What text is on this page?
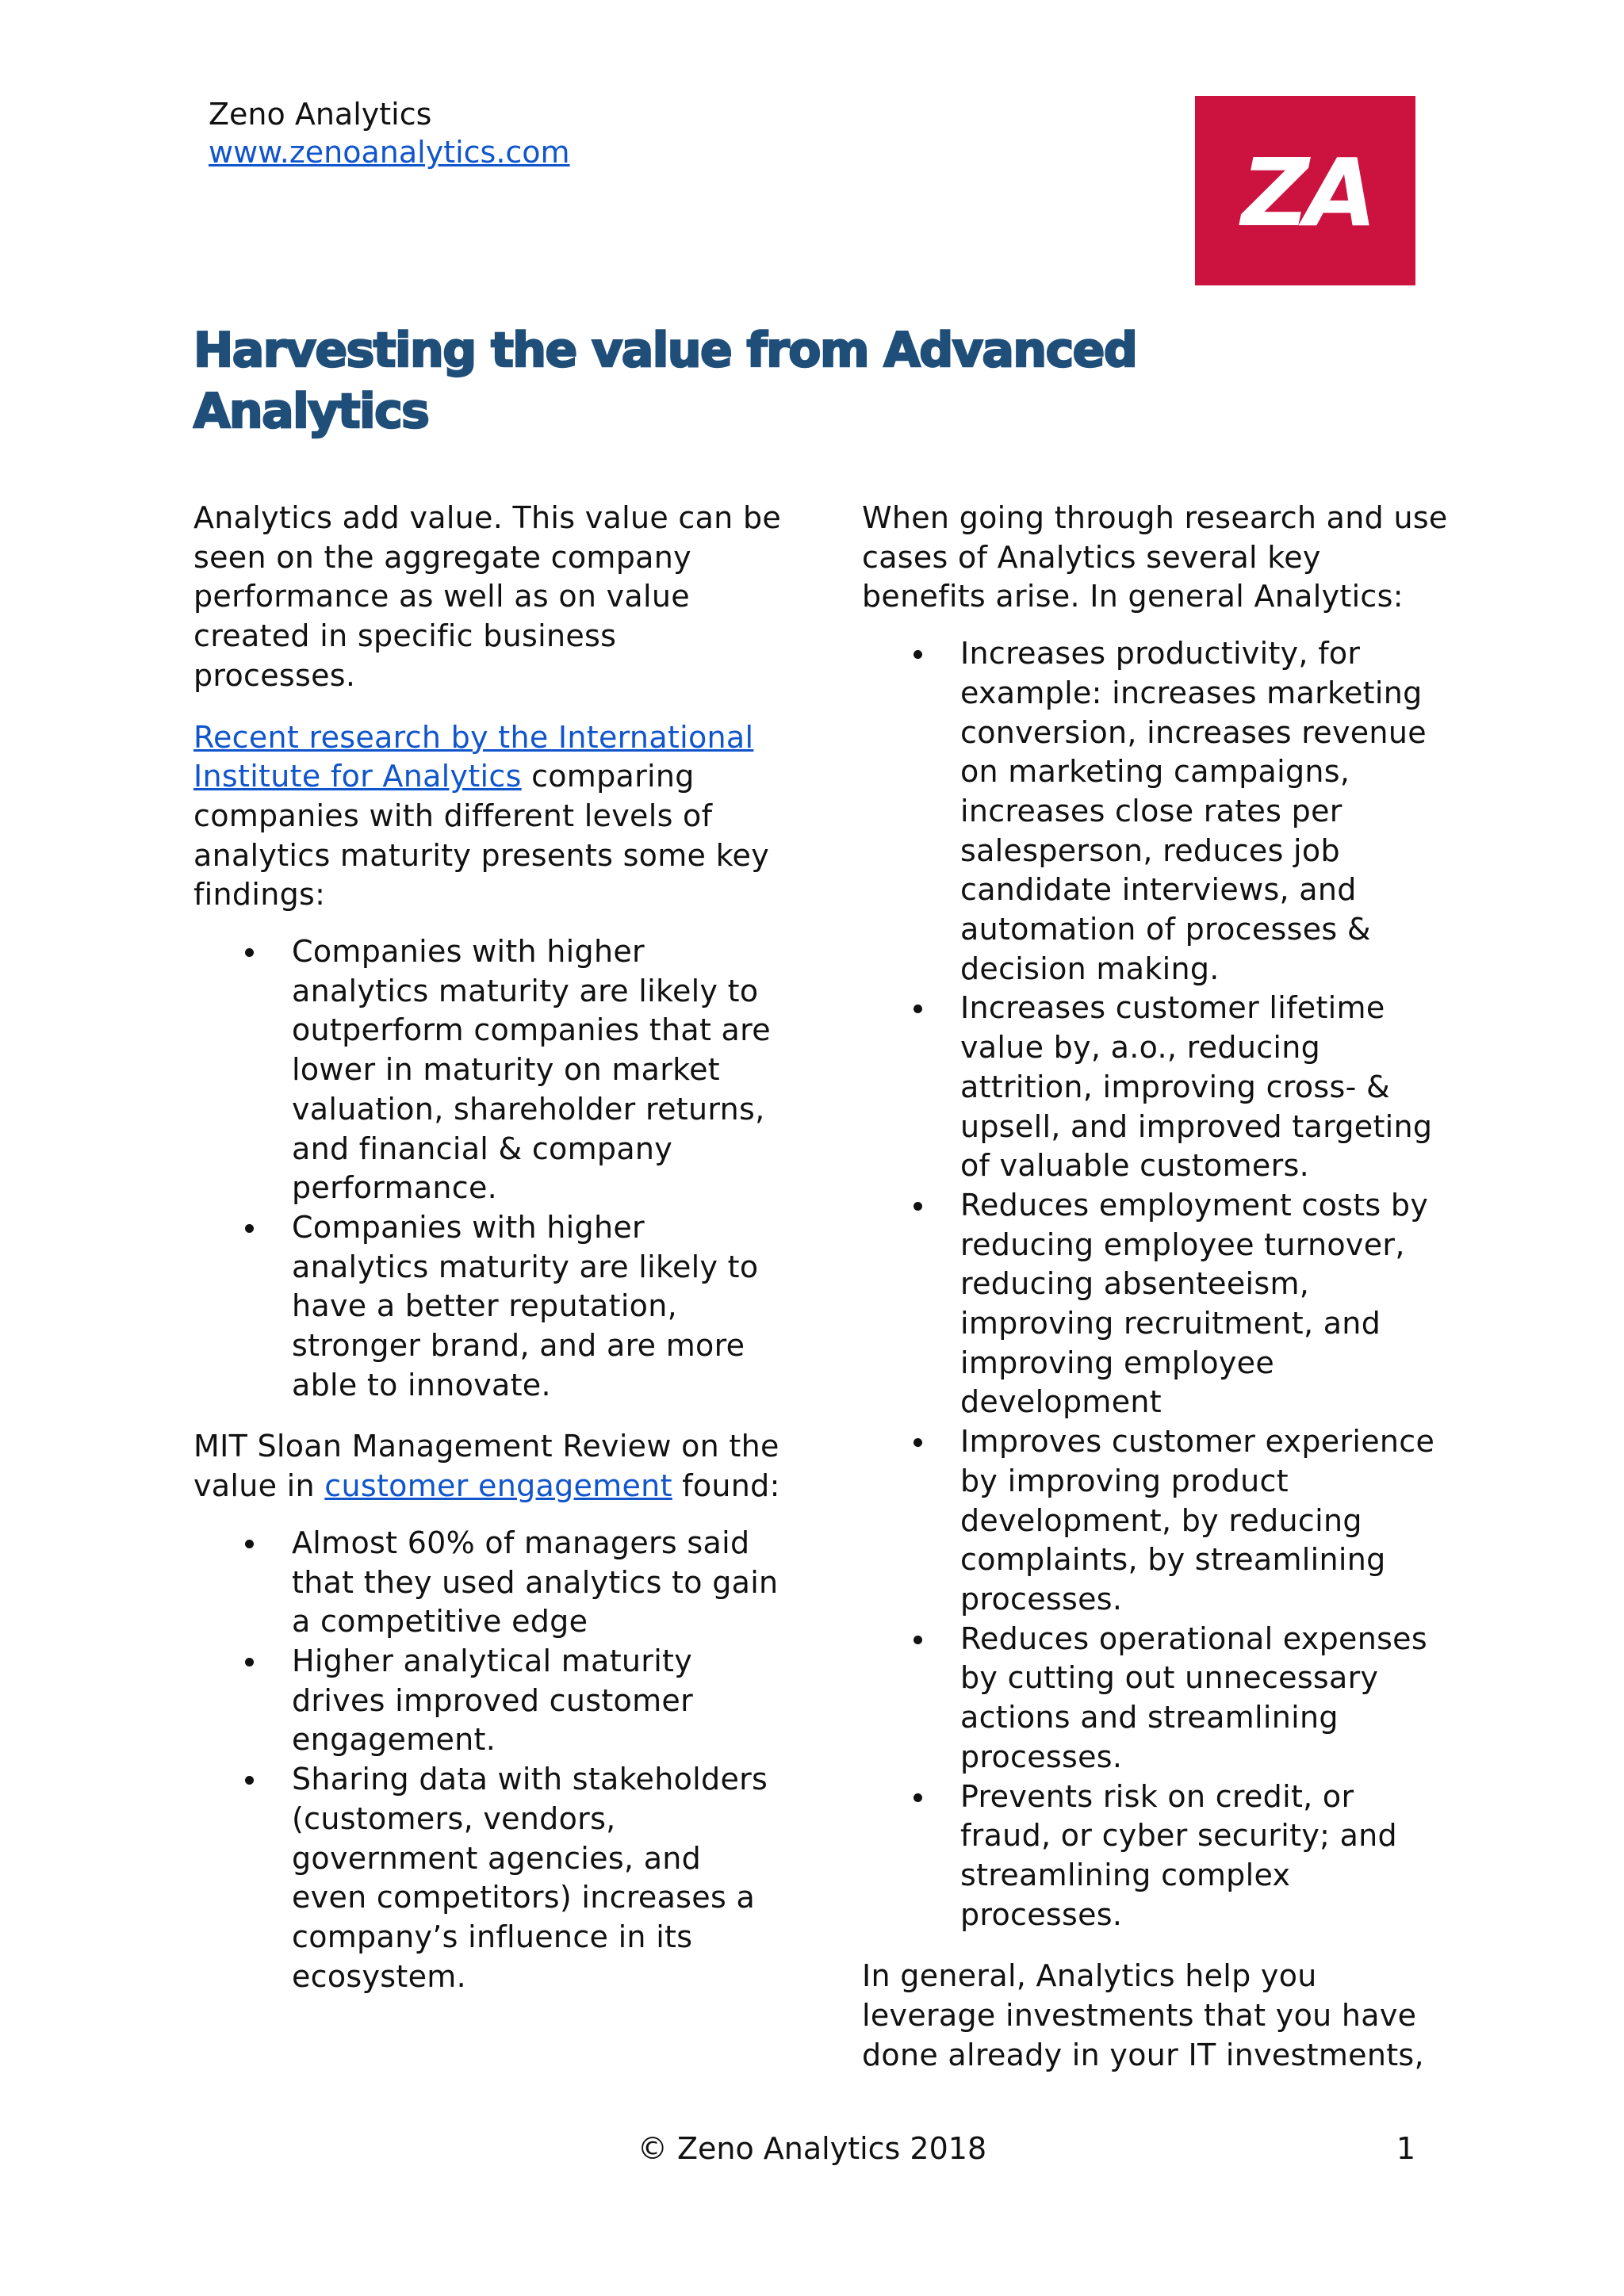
Zeno Analytics
www.zenoanalytics.com	ZA
Harvesting the value from Advanced Analytics

Analytics add value. This value can be seen on the aggregate company performance as well as on value created in specific business processes.

Recent research by the International Institute for Analytics comparing companies with different levels of analytics maturity presents some key findings:

Companies with higher analytics maturity are likely to outperform companies that are lower in maturity on market valuation, shareholder returns, and financial & company performance.
Companies with higher analytics maturity are likely to have a better reputation, stronger brand, and are more able to innovate.

MIT Sloan Management Review on the value in customer engagement found:

Almost 60% of managers said that they used analytics to gain a competitive edge
Higher analytical maturity drives improved customer engagement.
Sharing data with stakeholders (customers, vendors, government agencies, and even competitors) increases a company’s influence in its ecosystem.

When going through research and use cases of Analytics several key benefits arise. In general Analytics:

Increases productivity, for example: increases marketing conversion, increases revenue on marketing campaigns, increases close rates per salesperson, reduces job candidate interviews, and automation of processes & decision making.
Increases customer lifetime value by, a.o., reducing attrition, improving cross- & upsell, and improved targeting of valuable customers.
Reduces employment costs by reducing employee turnover, reducing absenteeism, improving recruitment, and improving employee development
Improves customer experience by improving product development, by reducing complaints, by streamlining processes.
Reduces operational expenses by cutting out unnecessary actions and streamlining processes.
Prevents risk on credit, or fraud, or cyber security; and streamlining complex processes.

In general, Analytics help you leverage investments that you have done already in your IT investments,

© Zeno Analytics 2018	1
